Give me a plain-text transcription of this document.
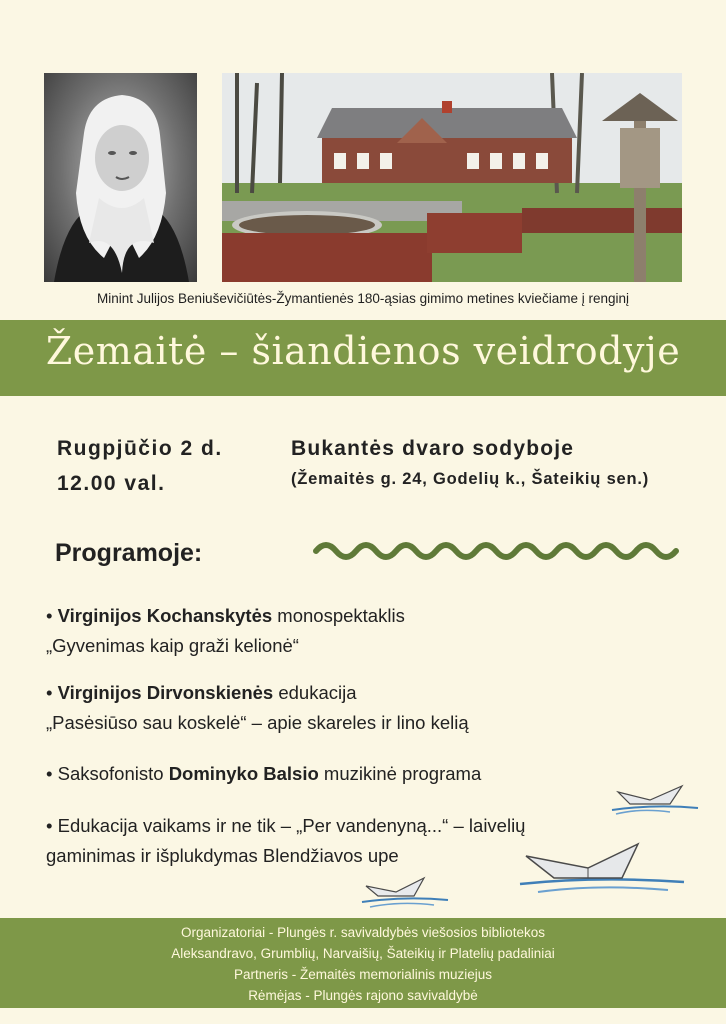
Minint Julijos Beniuševičiūtės-Žymantienės 180-ąsias gimimo metines kviečiame į renginį
Žemaitė – šiandienos veidrodyje
Rugpjūčio 2 d.
12.00 val.
Bukantės dvaro sodyboje
(Žemaitės g. 24, Godelių k., Šateikių sen.)
Programoje:
• Virginijos Kochanskytės monospektaklis
„Gyvenimas kaip graži kelionė“
• Virginijos Dirvonskienės edukacija
„Pasėsiūso sau koskelė“ – apie skareles ir lino kelią
• Saksofonisto Dominyko Balsio muzikinė programa
• Edukacija vaikams ir ne tik – „Per vandenyną...“ – laivelių
gaminimas ir išplukdymas Blendžiavos upe
Organizatoriai - Plungės r. savivaldybės viešosios bibliotekos
Aleksandravo, Grumblių, Narvaišių, Šateikių ir Platelių padaliniai
Partneris - Žemaitės memorialinis muziejus
Rėmėjas - Plungės rajono savivaldybė
